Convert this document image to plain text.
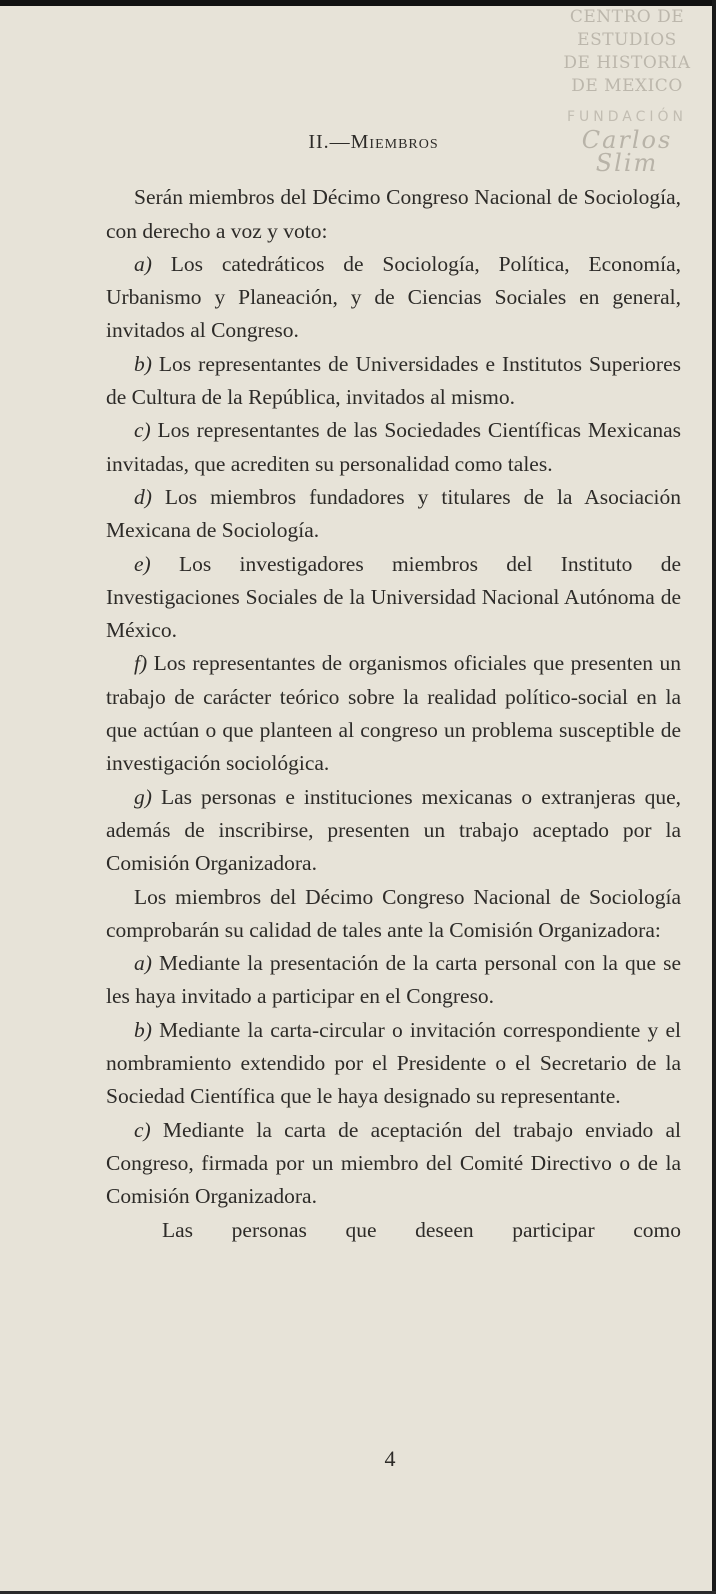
CENTRO DE
ESTUDIOS
DE HISTORIA
DE MEXICO
FUNDACIÓN
Carlos Slim
II.—Miembros

Serán miembros del Décimo Congreso Nacional de Sociología, con derecho a voz y voto:

a) Los catedráticos de Sociología, Política, Economía, Urbanismo y Planeación, y de Ciencias Sociales en general, invitados al Congreso.

b) Los representantes de Universidades e Institutos Superiores de Cultura de la República, invitados al mismo.

c) Los representantes de las Sociedades Científicas Mexicanas invitadas, que acrediten su personalidad como tales.

d) Los miembros fundadores y titulares de la Asociación Mexicana de Sociología.

e) Los investigadores miembros del Instituto de Investigaciones Sociales de la Universidad Nacional Autónoma de México.

f) Los representantes de organismos oficiales que presenten un trabajo de carácter teórico sobre la realidad político-social en la que actúan o que planteen al congreso un problema susceptible de investigación sociológica.

g) Las personas e instituciones mexicanas o extranjeras que, además de inscribirse, presenten un trabajo aceptado por la Comisión Organizadora.

Los miembros del Décimo Congreso Nacional de Sociología comprobarán su calidad de tales ante la Comisión Organizadora:

a) Mediante la presentación de la carta personal con la que se les haya invitado a participar en el Congreso.

b) Mediante la carta-circular o invitación correspondiente y el nombramiento extendido por el Presidente o el Secretario de la Sociedad Científica que le haya designado su representante.

c) Mediante la carta de aceptación del trabajo enviado al Congreso, firmada por un miembro del Comité Directivo o de la Comisión Organizadora.

Las personas que deseen participar como

4
